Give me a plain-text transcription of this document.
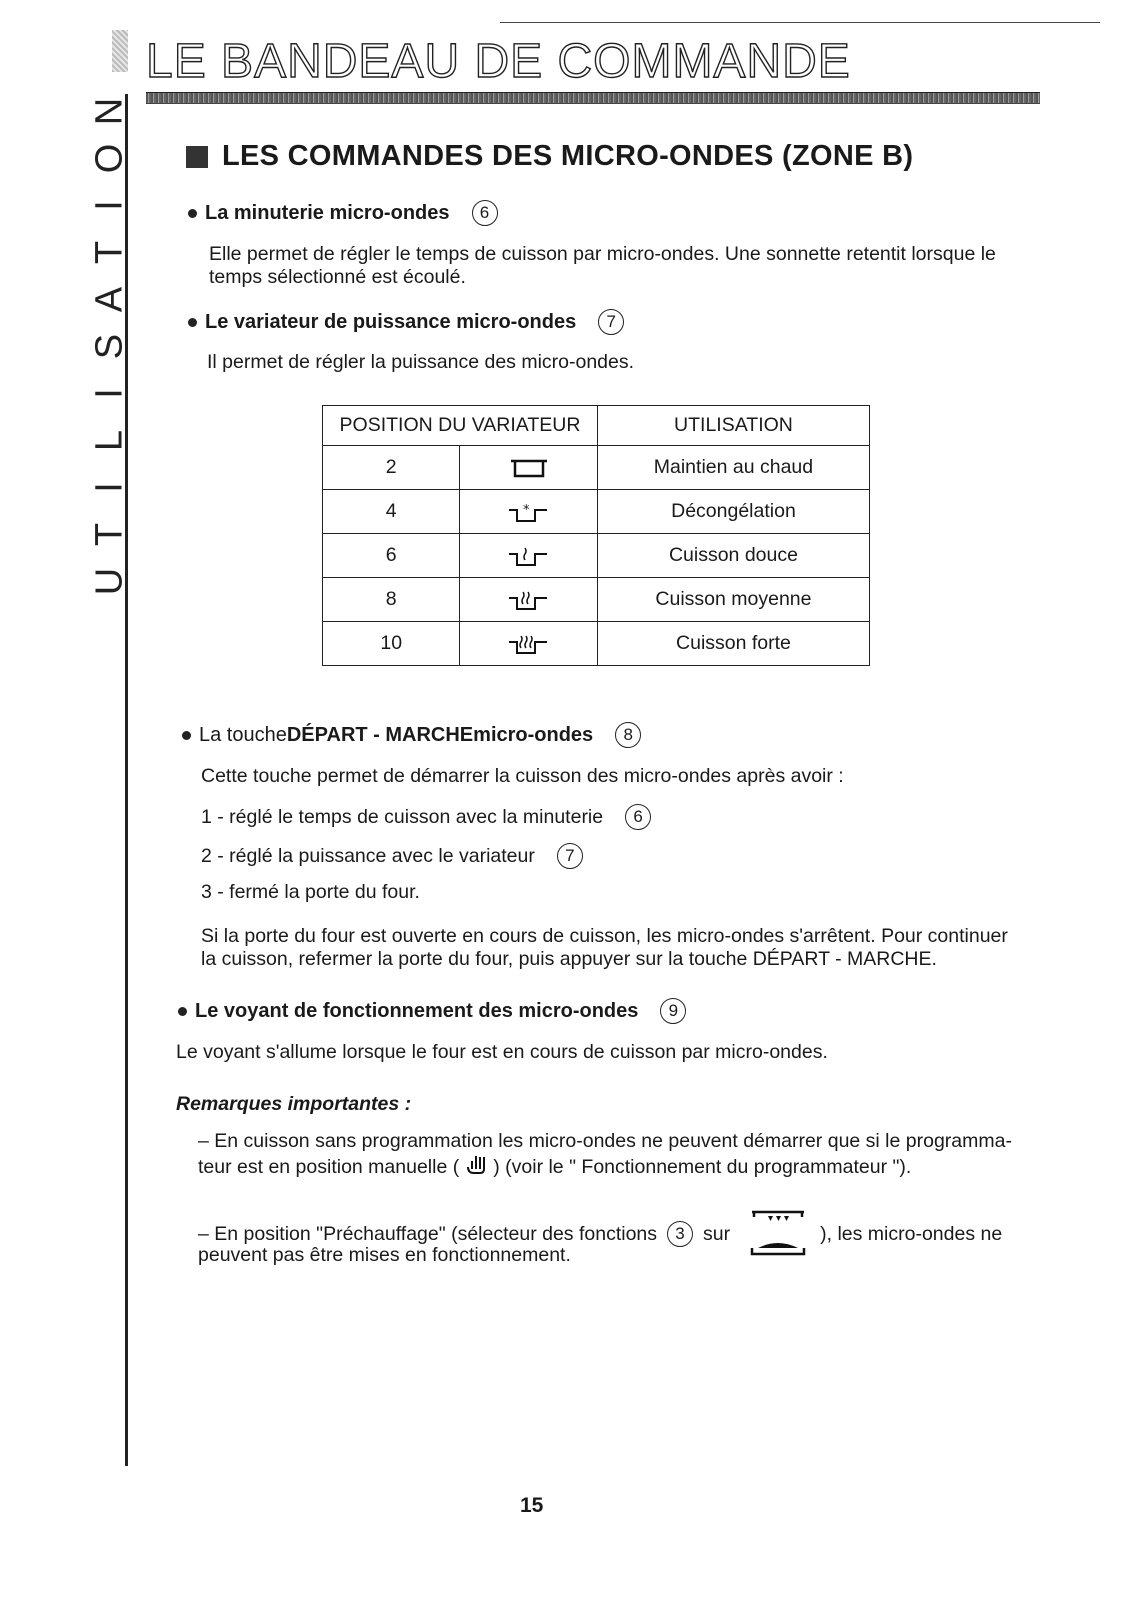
LE BANDEAU DE COMMANDE
N
O
I
T
A
S
I
L
I
T
U
LES COMMANDES DES MICRO-ONDES (ZONE B)
La minuterie micro-ondes	6
Elle permet de régler le temps de cuisson par micro-ondes. Une sonnette retentit lorsque le
temps sélectionné est écoulé.
Le variateur de puissance micro-ondes	7
Il permet de régler la puissance des micro-ondes.
POSITION DU VARIATEUR		UTILISATION
2		Maintien au chaud
4	*	Décongélation
6		Cuisson douce
8		Cuisson moyenne
10		Cuisson forte
La touche DÉPART - MARCHE micro-ondes	8
Cette touche permet de démarrer la cuisson des micro-ondes après avoir :
1 - réglé le temps de cuisson avec la minuterie	6
2 - réglé la puissance avec le variateur	7
3 - fermé la porte du four.
Si la porte du four est ouverte en cours de cuisson, les micro-ondes s'arrêtent. Pour continuer
la cuisson, refermer la porte du four, puis appuyer sur la touche DÉPART - MARCHE.
Le voyant de fonctionnement des micro-ondes	9
Le voyant s'allume lorsque le four est en cours de cuisson par micro-ondes.
Remarques importantes :
– En cuisson sans programmation les micro-ondes ne peuvent démarrer que si le programma-
teur est en position manuelle ( ) (voir le " Fonctionnement du programmateur ").
– En position "Préchauffage" (sélecteur des fonctions	3 sur	), les micro-ondes ne
peuvent pas être mises en fonctionnement.
15
